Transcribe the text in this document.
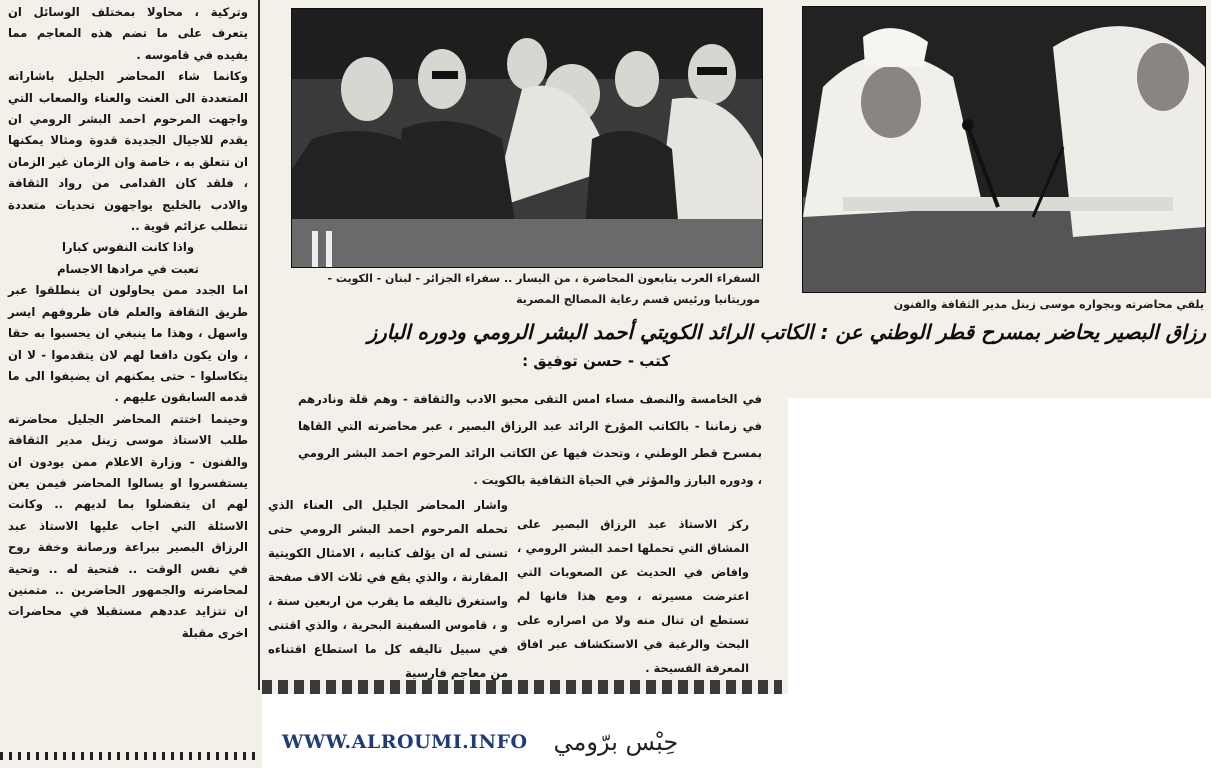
وتركية ، محاولا بمختلف الوسائل ان يتعرف على ما تضم هذه المعاجم مما يفيده في قاموسه .

وكانما شاء المحاضر الجليل باشاراته المتعددة الى العنت والعناء والصعاب التي واجهت المرحوم احمد البشر الرومي ان يقدم للاجيال الجديدة قدوة ومثالا يمكنها ان تتعلق به ، خاصة وان الزمان غير الزمان ، فلقد كان القدامى من رواد الثقافة والادب بالخليج يواجهون تحديات متعددة تتطلب عزائم قوية ..

واذا كانت النفوس كبارا

تعبت في مرادها الاجسام

اما الجدد ممن يحاولون ان ينطلقوا عبر طريق الثقافة والعلم فان ظروفهم ايسر واسهل ، وهذا ما ينبغي ان يحسبوا به حقا ، وان يكون دافعا لهم لان يتقدموا - لا ان يتكاسلوا - حتى يمكنهم ان يضيفوا الى ما قدمه السابقون عليهم .

وحينما اختتم المحاضر الجليل محاضرته طلب الاستاذ موسى زينل مدير الثقافة والفنون - وزارة الاعلام ممن يودون ان يستفسروا او يسالوا المحاضر فيمن يعن لهم ان يتفضلوا بما لديهم .. وكانت الاسئلة التي اجاب عليها الاستاذ عبد الرزاق البصير ببراعة ورصانة وخفة روح في نفس الوقت .. فتحية له .. وتحية لمحاضرته والجمهور الحاضرين .. متمنين ان تتزايد عددهم مستقبلا في محاضرات اخرى مقبلة

السفراء العرب يتابعون المحاضرة ، من اليسار .. سفراء الجزائر - لبنان - الكويت - موريتانيا ورئيس قسم رعاية المصالح المصرية	يلقي محاضرته وبجواره موسى زينل مدير الثقافة والفنون
رزاق البصير يحاضر بمسرح قطر الوطني عن : الكاتب الرائد الكويتي أحمد البشر الرومي ودوره البارز
كتب - حسن توفيق :
في الخامسة والنصف مساء امس التقى محبو الادب والثقافة - وهم قلة ونادرهم في زماننا - بالكاتب المؤرخ الرائد عبد الرزاق البصير ، عبر محاضرته التي القاها بمسرح قطر الوطني ، وتحدث فيها عن الكاتب الرائد المرحوم احمد البشر الرومي ، ودوره البارز والمؤثر في الحياة الثقافية بالكويت .
واشار المحاضر الجليل الى العناء الذي تحمله المرحوم احمد البشر الرومي حتى تسنى له ان يؤلف كتابيه ، الامثال الكويتية المقارنة ، والذي يقع في ثلاث الاف صفحة واستغرق تاليفه ما يقرب من اربعين سنة ، و ، قاموس السفينة البحرية ، والذي اقتنى في سبيل تاليفه كل ما استطاع اقتناءه من معاجم فارسية
ركز الاستاذ عبد الرزاق البصير على المشاق التي تحملها احمد البشر الرومي ، وافاض في الحديث عن الصعوبات التي اعترضت مسيرته ، ومع هذا فانها لم تستطع ان تنال منه ولا من اصراره على البحث والرغبة في الاستكشاف عبر افاق المعرفة الفسيحة .
WWW.ALROUMI.INFO حِبْس برّومي
